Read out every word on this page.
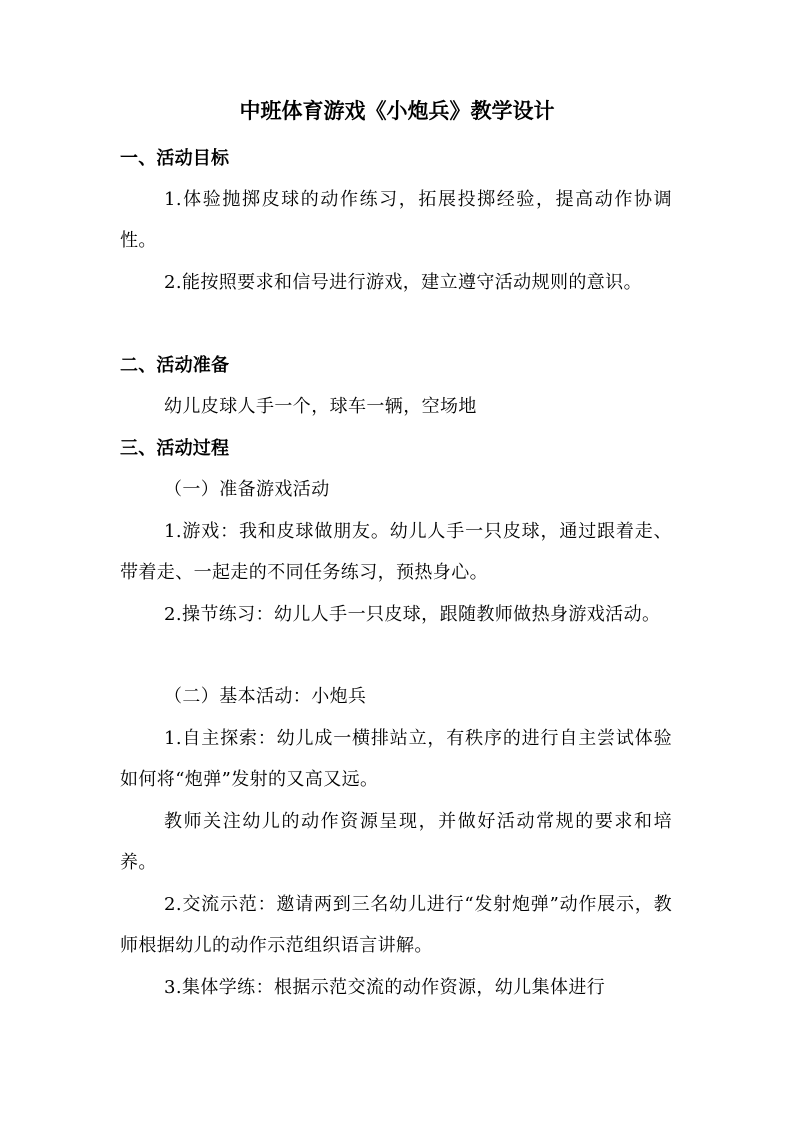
中班体育游戏《小炮兵》教学设计
一、活动目标
1.体验抛掷皮球的动作练习，拓展投掷经验，提高动作协调性。
2.能按照要求和信号进行游戏，建立遵守活动规则的意识。
二、活动准备
幼儿皮球人手一个，球车一辆，空场地
三、活动过程
（一）准备游戏活动
1.游戏：我和皮球做朋友。幼儿人手一只皮球，通过跟着走、带着走、一起走的不同任务练习，预热身心。
2.操节练习：幼儿人手一只皮球，跟随教师做热身游戏活动。
（二）基本活动：小炮兵
1.自主探索：幼儿成一横排站立，有秩序的进行自主尝试体验如何将“炮弹”发射的又高又远。
教师关注幼儿的动作资源呈现，并做好活动常规的要求和培养。
2.交流示范：邀请两到三名幼儿进行“发射炮弹”动作展示，教师根据幼儿的动作示范组织语言讲解。
3.集体学练：根据示范交流的动作资源，幼儿集体进行
